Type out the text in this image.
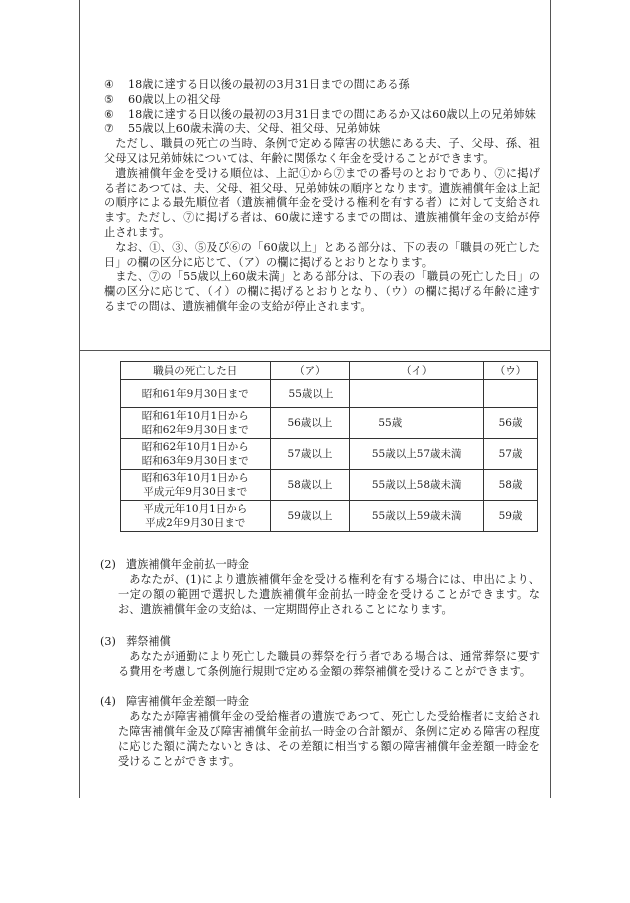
④	18歳に達する日以後の最初の3月31日までの間にある孫
⑤	60歳以上の祖父母
⑥	18歳に達する日以後の最初の3月31日までの間にあるか又は60歳以上の兄弟姉妹
⑦	55歳以上60歳未満の夫、父母、祖父母、兄弟姉妹
ただし、職員の死亡の当時、条例で定める障害の状態にある夫、子、父母、孫、祖父母又は兄弟姉妹については、年齢に関係なく年金を受けることができます。
遺族補償年金を受ける順位は、上記①から⑦までの番号のとおりであり、⑦に掲げる者にあつては、夫、父母、祖父母、兄弟姉妹の順序となります。遺族補償年金は上記の順序による最先順位者（遺族補償年金を受ける権利を有する者）に対して支給されます。ただし、⑦に掲げる者は、60歳に達するまでの間は、遺族補償年金の支給が停止されます。
なお、①、③、⑤及び⑥の「60歳以上」とある部分は、下の表の「職員の死亡した日」の欄の区分に応じて、（ア）の欄に掲げるとおりとなります。
また、⑦の「55歳以上60歳未満」とある部分は、下の表の「職員の死亡した日」の欄の区分に応じて、（イ）の欄に掲げるとおりとなり、（ウ）の欄に掲げる年齢に達するまでの間は、遺族補償年金の支給が停止されます。
職員の死亡した日	（ア）	（イ）	（ウ）
昭和61年9月30日まで	55歳以上		
昭和61年10月1日から
昭和62年9月30日まで	56歳以上	55歳	56歳
昭和62年10月1日から
昭和63年9月30日まで	57歳以上	55歳以上57歳未満	57歳
昭和63年10月1日から
平成元年9月30日まで	58歳以上	55歳以上58歳未満	58歳
平成元年10月1日から
平成2年9月30日まで	59歳以上	55歳以上59歳未満	59歳
(2) 遺族補償年金前払一時金
あなたが、(1)により遺族補償年金を受ける権利を有する場合には、申出により、一定の額の範囲で選択した遺族補償年金前払一時金を受けることができます。なお、遺族補償年金の支給は、一定期間停止されることになります。
(3) 葬祭補償
あなたが通勤により死亡した職員の葬祭を行う者である場合は、通常葬祭に要する費用を考慮して条例施行規則で定める金額の葬祭補償を受けることができます。
(4) 障害補償年金差額一時金
あなたが障害補償年金の受給権者の遺族であつて、死亡した受給権者に支給された障害補償年金及び障害補償年金前払一時金の合計額が、条例に定める障害の程度に応じた額に満たないときは、その差額に相当する額の障害補償年金差額一時金を受けることができます。
